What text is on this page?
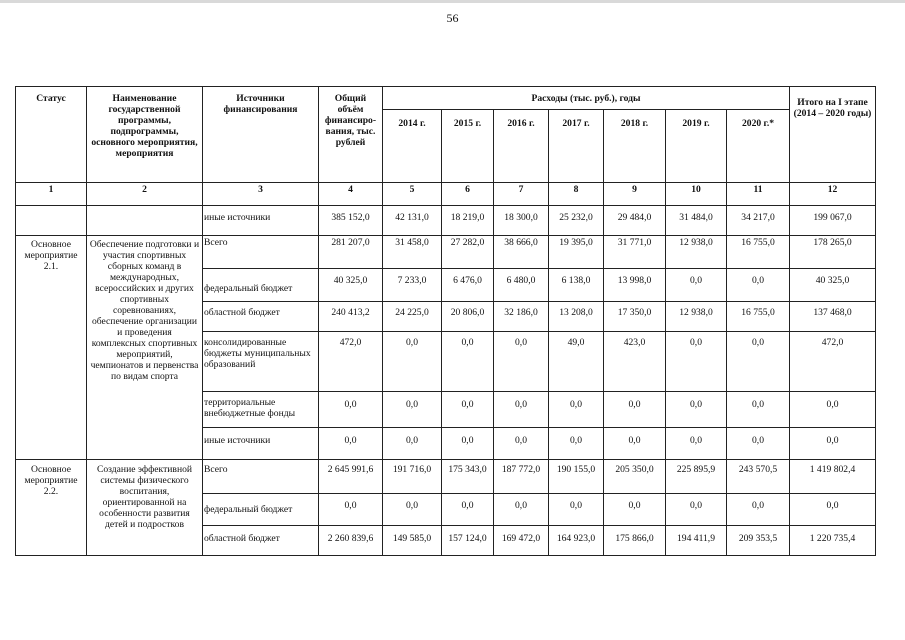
56
Статус	Наименование государственной программы, подпрограммы, основного мероприятия, мероприятия	Источники финансирования	Общий объём финансиро-вания, тыс. рублей	Расходы (тыс. руб.), годы							Итого на I этапе (2014 – 2020 годы)
				2014 г.	2015 г.	2016 г.	2017 г.	2018 г.	2019 г.	2020 г.*	
1	2	3	4	5	6	7	8	9	10	11	12
		иные источники	385 152,0	42 131,0	18 219,0	18 300,0	25 232,0	29 484,0	31 484,0	34 217,0	199 067,0
Основное мероприятие 2.1.	Обеспечение подготовки и участия спортивных сборных команд в международных, всероссийских и других спортивных соревнованиях, обеспечение организации и проведения комплексных спортивных мероприятий, чемпионатов и первенства по видам спорта	Всего	281 207,0	31 458,0	27 282,0	38 666,0	19 395,0	31 771,0	12 938,0	16 755,0	178 265,0
		федеральный бюджет	40 325,0	7 233,0	6 476,0	6 480,0	6 138,0	13 998,0	0,0	0,0	40 325,0
		областной бюджет	240 413,2	24 225,0	20 806,0	32 186,0	13 208,0	17 350,0	12 938,0	16 755,0	137 468,0
		консолидированные бюджеты муниципальных образований	472,0	0,0	0,0	0,0	49,0	423,0	0,0	0,0	472,0
		территориальные внебюджетные фонды	0,0	0,0	0,0	0,0	0,0	0,0	0,0	0,0	0,0
		иные источники	0,0	0,0	0,0	0,0	0,0	0,0	0,0	0,0	0,0
Основное мероприятие 2.2.	Создание эффективной системы физического воспитания, ориентированной на особенности развития детей и подростков	Всего	2 645 991,6	191 716,0	175 343,0	187 772,0	190 155,0	205 350,0	225 895,9	243 570,5	1 419 802,4
		федеральный бюджет	0,0	0,0	0,0	0,0	0,0	0,0	0,0	0,0	0,0
		областной бюджет	2 260 839,6	149 585,0	157 124,0	169 472,0	164 923,0	175 866,0	194 411,9	209 353,5	1 220 735,4
